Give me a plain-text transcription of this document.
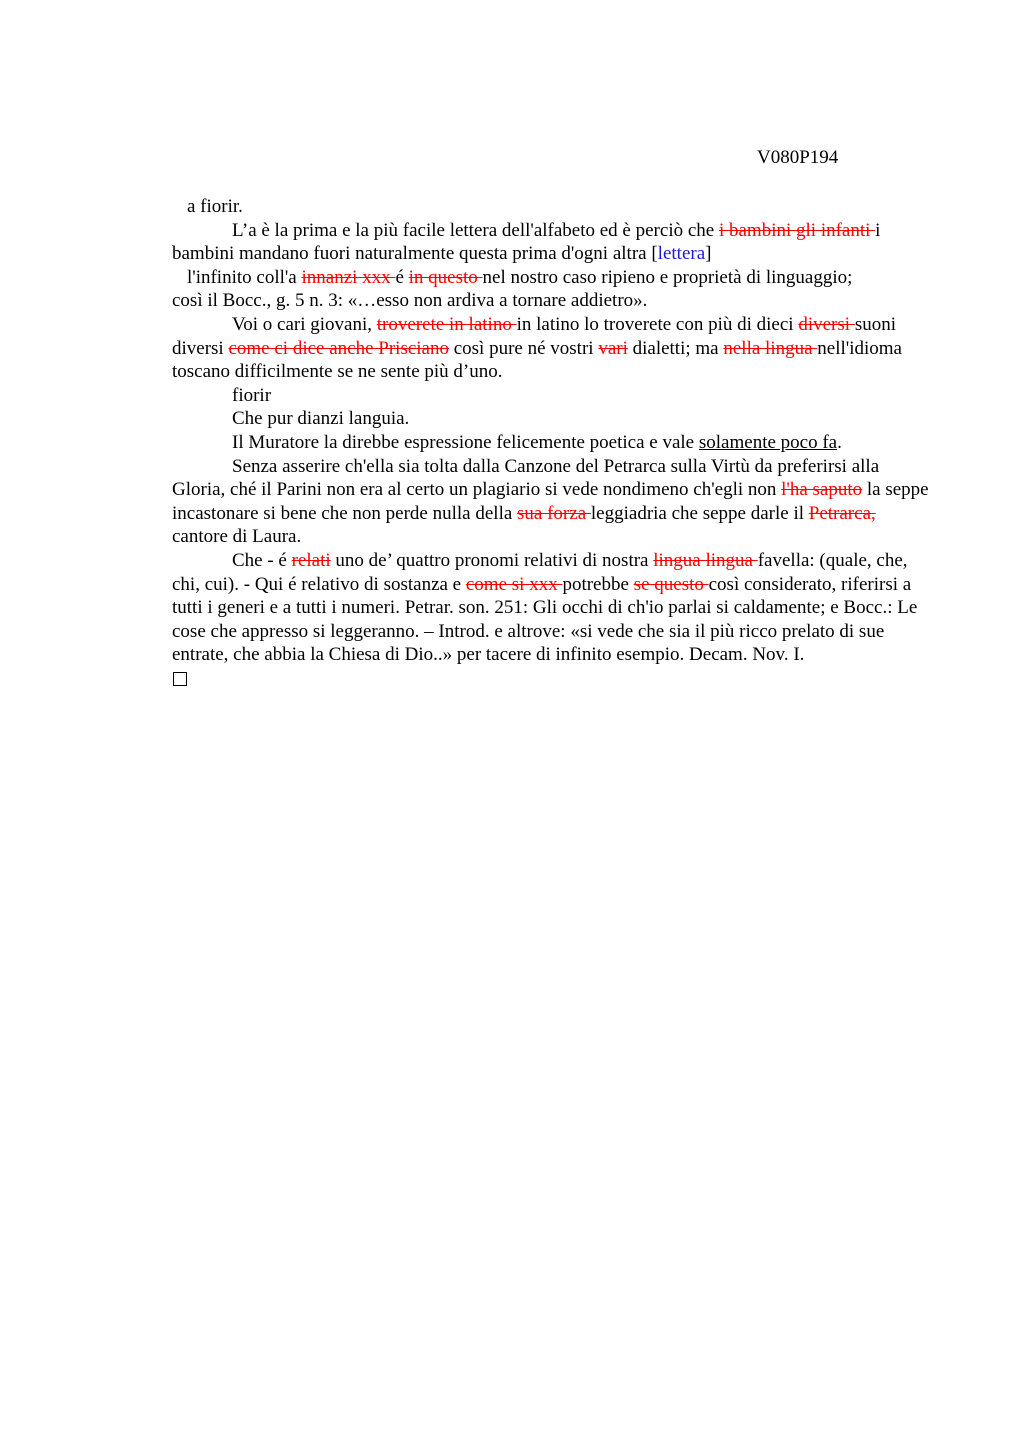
V080P194

a fiorir.

L’a è la prima e la più facile lettera dell'alfabeto ed è perciò che i bambini gli infanti i bambini mandano fuori naturalmente questa prima d'ogni altra [lettera]

l'infinito coll'a innanzi xxx é in questo nel nostro caso ripieno e proprietà di linguaggio;
così il Bocc., g. 5 n. 3: «…esso non ardiva a tornare addietro».

Voi o cari giovani, troverete in latino in latino lo troverete con più di dieci diversi suoni diversi come ci dice anche Prisciano così pure né vostri vari dialetti; ma nella lingua nell'idioma toscano difficilmente se ne sente più d’uno.

fiorir

Che pur dianzi languia.

Il Muratore la direbbe espressione felicemente poetica e vale solamente poco fa.

Senza asserire ch'ella sia tolta dalla Canzone del Petrarca sulla Virtù da preferirsi alla Gloria, ché il Parini non era al certo un plagiario si vede nondimeno ch'egli non l'ha saputo la seppe incastonare si bene che non perde nulla della sua forza leggiadria che seppe darle il Petrarca, cantore di Laura.

Che - é relati uno de’ quattro pronomi relativi di nostra lingua lingua favella: (quale, che, chi, cui). - Qui é relativo di sostanza e come si xxx potrebbe se questo così considerato, riferirsi a tutti i generi e a tutti i numeri. Petrar. son. 251: Gli occhi di ch'io parlai si caldamente; e Bocc.: Le cose che appresso si leggeranno. – Introd. e altrove: «si vede che sia il più ricco prelato di sue entrate, che abbia la Chiesa di Dio..» per tacere di infinito esempio. Decam. Nov. I.
